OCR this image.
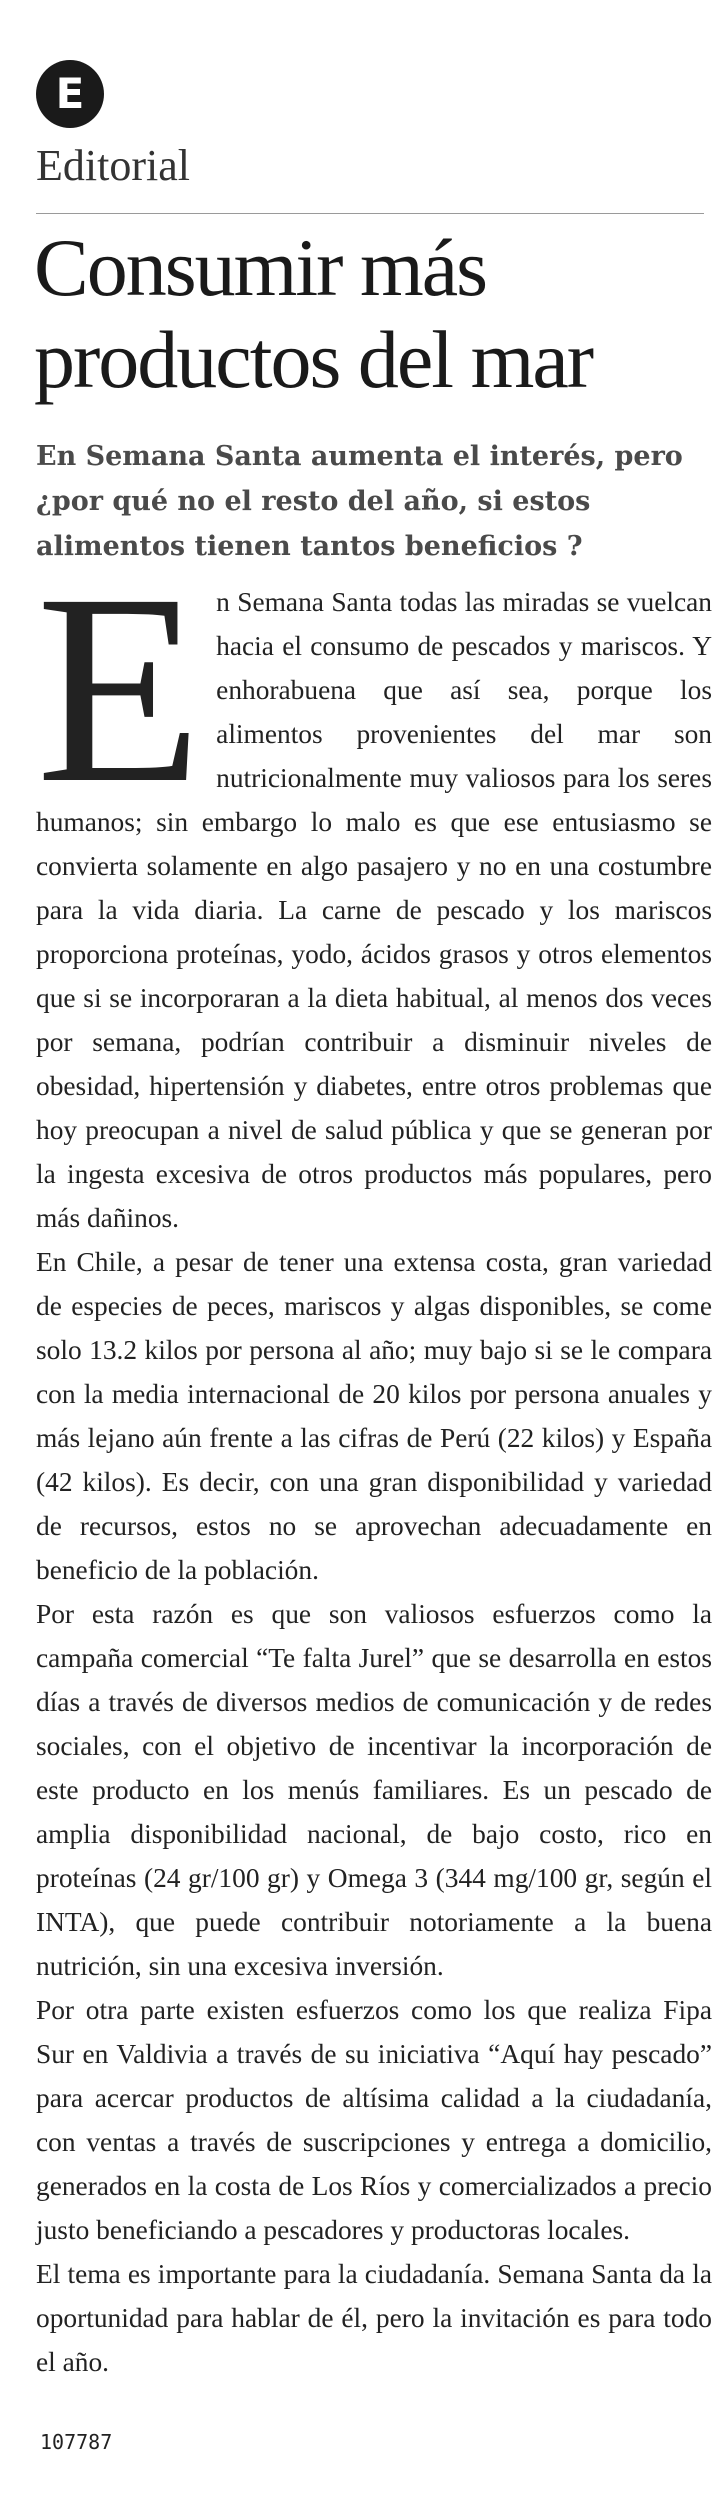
E
Editorial
Consumir más productos del mar

En Semana Santa aumenta el interés, pero ¿por qué no el resto del año, si estos alimentos tienen tantos beneficios ?

En Semana Santa todas las miradas se vuelcan hacia el consumo de pescados y mariscos. Y enhorabuena que así sea, porque los alimentos provenientes del mar son nutricionalmente muy valiosos para los seres humanos; sin embargo lo malo es que ese entusiasmo se convierta solamente en algo pasajero y no en una costumbre para la vida diaria. La carne de pescado y los mariscos proporciona proteínas, yodo, ácidos grasos y otros elementos que si se incorporaran a la dieta habitual, al menos dos veces por semana, podrían contribuir a disminuir niveles de obesidad, hipertensión y diabetes, entre otros problemas que hoy preocupan a nivel de salud pública y que se generan por la ingesta excesiva de otros productos más populares, pero más dañinos.

En Chile, a pesar de tener una extensa costa, gran variedad de especies de peces, mariscos y algas disponibles, se come solo 13.2 kilos por persona al año; muy bajo si se le compara con la media internacional de 20 kilos por persona anuales y más lejano aún frente a las cifras de Perú (22 kilos) y España (42 kilos). Es decir, con una gran disponibilidad y variedad de recursos, estos no se aprovechan adecuadamente en beneficio de la población.

Por esta razón es que son valiosos esfuerzos como la campaña comercial “Te falta Jurel” que se desarrolla en estos días a través de diversos medios de comunicación y de redes sociales, con el objetivo de incentivar la incorporación de este producto en los menús familiares. Es un pescado de amplia disponibilidad nacional, de bajo costo, rico en proteínas (24 gr/100 gr) y Omega 3 (344 mg/100 gr, según el INTA), que puede contribuir notoriamente a la buena nutrición, sin una excesiva inversión.

Por otra parte existen esfuerzos como los que realiza Fipa Sur en Valdivia a través de su iniciativa “Aquí hay pescado” para acercar productos de altísima calidad a la ciudadanía, con ventas a través de suscripciones y entrega a domicilio, generados en la costa de Los Ríos y comercializados a precio justo beneficiando a pescadores y productoras locales.

El tema es importante para la ciudadanía. Semana Santa da la oportunidad para hablar de él, pero la invitación es para todo el año.

107787
